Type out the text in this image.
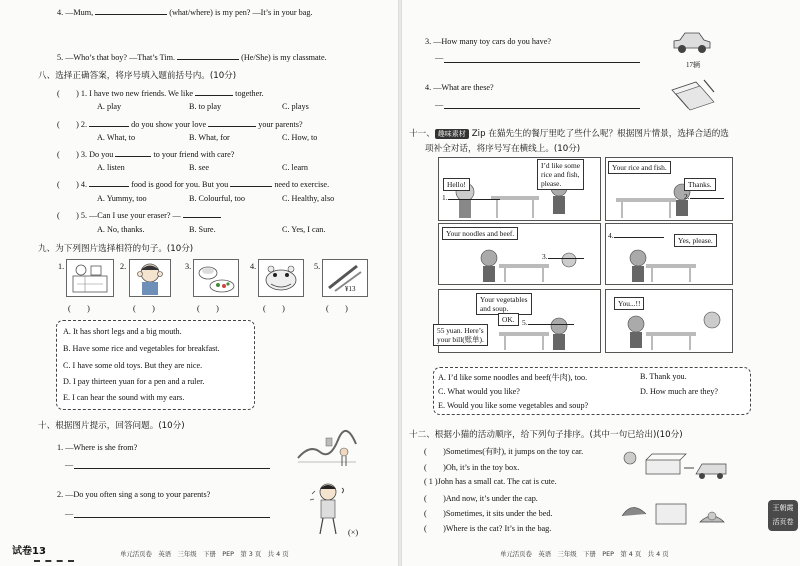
4. —Mum,	(what/where) is my pen? —It’s in your bag.
5. —Who’s that boy? —That’s Tim.	(He/She) is my classmate.
八、选择正确答案，将序号填入题前括号内。(10分)
(　　) 1. I have two new friends. We like	together.
A. play	B. to play	C. plays
(　　) 2.	do you show your love	your parents?
A. What, to	B. What, for	C. How, to
(　　) 3. Do you	to your friend with care?
A. listen	B. see	C. learn
(　　) 4.	food is good for you. But you	need to exercise.
A. Yummy, too	B. Colourful, too	C. Healthy, also
(　　) 5. —Can I use your eraser? —
A. No, thanks.	B. Sure.	C. Yes, I can.
九、为下列图片选择相符的句子。(10分)
1.	2.	3.	4.	5.
¥13
(　　)	(　　)	(　　)	(　　)	(　　)
A. It has short legs and a big mouth.
B. Have some rice and vegetables for breakfast.
C. I have some old toys. But they are nice.
D. I pay thirteen yuan for a pen and a ruler.
E. I can hear the sound with my ears.
十、根据图片提示，回答问题。(10分)
1. —Where is she from?
—
2. —Do you often sing a song to your parents?
—
(×)
试卷13	单元活页卷　英语　三年级　下册　PEP　第 3 页　共 4 页
3. —How many toy cars do you have?
—
17辆
4. —What are these?
—
十一、 趣味素材 Zip 在猫先生的餐厅里吃了些什么呢？根据图片情景，选择合适的选
项补全对话，将序号写在横线上。(10分)
Hello!
1.
I’d like some
rice and fish,
please.
Your rice and fish.
Thanks.
2.
Your noodles and beef.
3.
4.
Yes, please.
Your vegetables
and soup.
OK.	5.
55 yuan. Here’s
your bill(账单).
You...!!
A. I’d like some noodles and beef(牛肉), too.	B. Thank you.
C. What would you like?	D. How much are they?
E. Would you like some vegetables and soup?
十二、根据小猫的活动顺序，给下列句子排序。(其中一句已给出)(10分)
(　　)Sometimes(有时), it jumps on the toy car.
(　　)Oh, it’s in the toy box.
( 1 )John has a small cat. The cat is cute.
(　　)And now, it’s under the cap.
(　　)Sometimes, it sits under the bed.
(　　)Where is the cat? It’s in the bag.
单元活页卷　英语　三年级　下册　PEP　第 4 页　共 4 页
王朝霞
活页卷
